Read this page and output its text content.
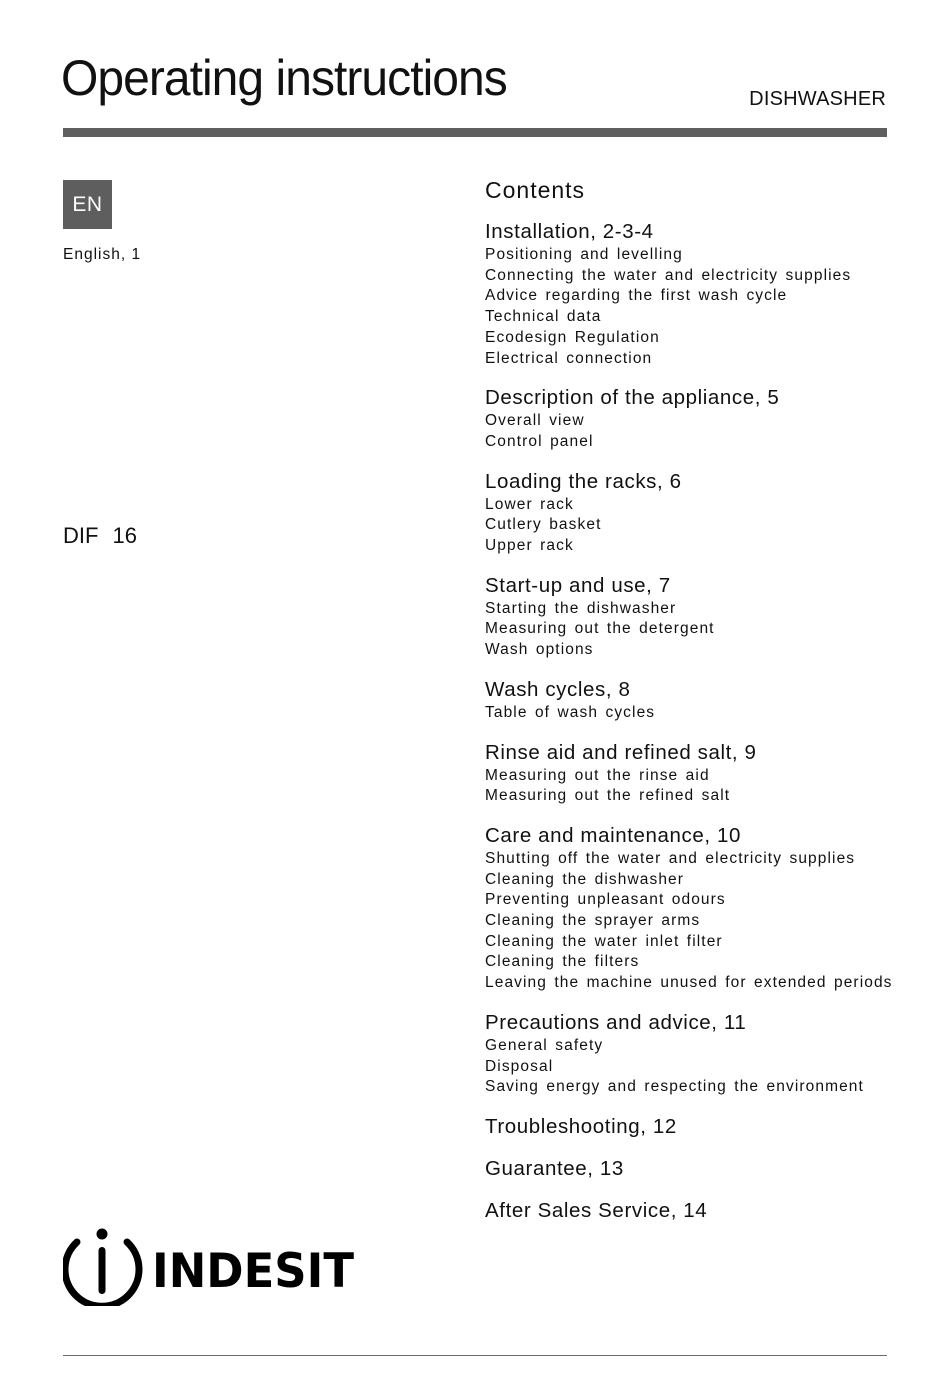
Operating instructions	DISHWASHER
EN
English, 1
DIF 16
INDESIT
Contents
Installation, 2-3-4
Positioning and levelling
Connecting the water and electricity supplies
Advice regarding the first wash cycle
Technical data
Ecodesign Regulation
Electrical connection
Description of the appliance, 5
Overall view
Control panel
Loading the racks, 6
Lower rack
Cutlery basket
Upper rack
Start-up and use, 7
Starting the dishwasher
Measuring out the detergent
Wash options
Wash cycles, 8
Table of wash cycles
Rinse aid and refined salt, 9
Measuring out the rinse aid
Measuring out the refined salt
Care and maintenance, 10
Shutting off the water and electricity supplies
Cleaning the dishwasher
Preventing unpleasant odours
Cleaning the sprayer arms
Cleaning the water inlet filter
Cleaning the filters
Leaving the machine unused for extended periods
Precautions and advice, 11
General safety
Disposal
Saving energy and respecting the environment
Troubleshooting, 12
Guarantee, 13
After Sales Service, 14
